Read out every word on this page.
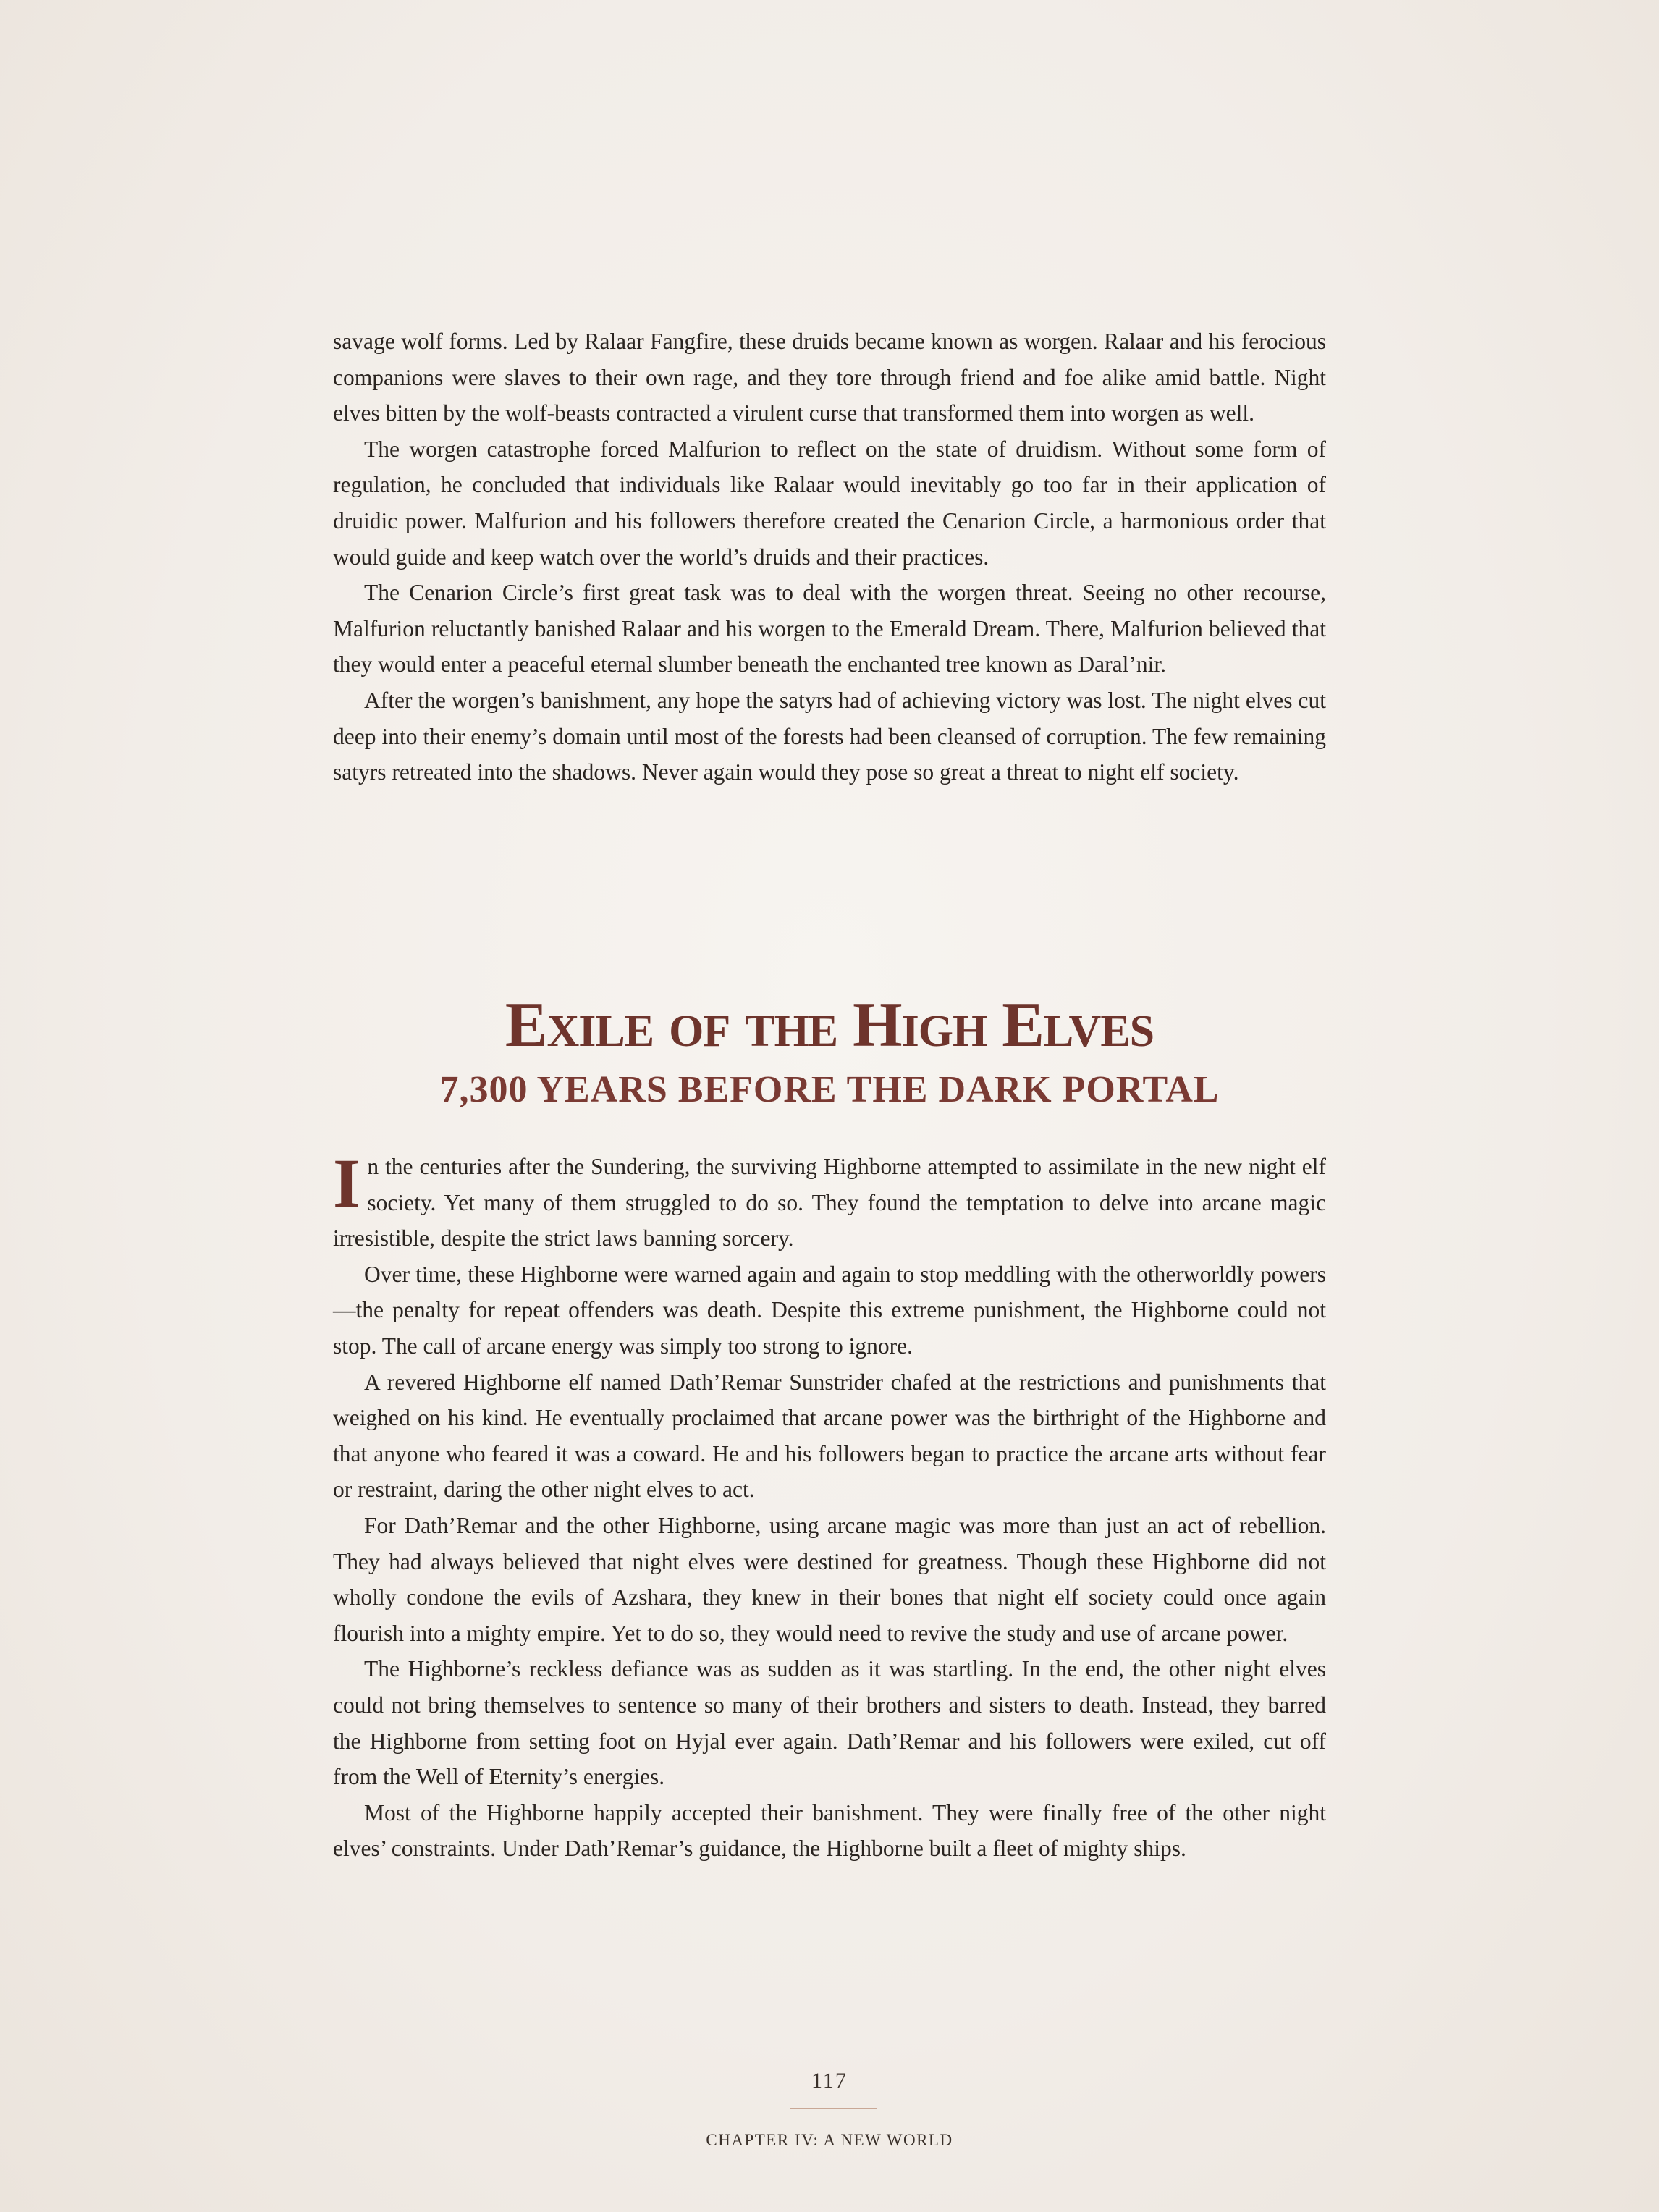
savage wolf forms. Led by Ralaar Fangfire, these druids became known as worgen. Ralaar and his ferocious companions were slaves to their own rage, and they tore through friend and foe alike amid battle. Night elves bitten by the wolf-beasts contracted a virulent curse that transformed them into worgen as well.

The worgen catastrophe forced Malfurion to reflect on the state of druidism. Without some form of regulation, he concluded that individuals like Ralaar would inevitably go too far in their application of druidic power. Malfurion and his followers therefore created the Cenarion Circle, a harmonious order that would guide and keep watch over the world’s druids and their practices.

The Cenarion Circle’s first great task was to deal with the worgen threat. Seeing no other recourse, Malfurion reluctantly banished Ralaar and his worgen to the Emerald Dream. There, Malfurion believed that they would enter a peaceful eternal slumber beneath the enchanted tree known as Daral’nir.

After the worgen’s banishment, any hope the satyrs had of achieving victory was lost. The night elves cut deep into their enemy’s domain until most of the forests had been cleansed of corruption. The few remaining satyrs retreated into the shadows. Never again would they pose so great a threat to night elf society.

Exile of the High Elves
7,300 YEARS BEFORE THE DARK PORTAL

In the centuries after the Sundering, the surviving Highborne attempted to assimilate in the new night elf society. Yet many of them struggled to do so. They found the temptation to delve into arcane magic irresistible, despite the strict laws banning sorcery.

Over time, these Highborne were warned again and again to stop meddling with the otherworldly powers—the penalty for repeat offenders was death. Despite this extreme punishment, the Highborne could not stop. The call of arcane energy was simply too strong to ignore.

A revered Highborne elf named Dath’Remar Sunstrider chafed at the restrictions and punishments that weighed on his kind. He eventually proclaimed that arcane power was the birthright of the Highborne and that anyone who feared it was a coward. He and his followers began to practice the arcane arts without fear or restraint, daring the other night elves to act.

For Dath’Remar and the other Highborne, using arcane magic was more than just an act of rebellion. They had always believed that night elves were destined for greatness. Though these Highborne did not wholly condone the evils of Azshara, they knew in their bones that night elf society could once again flourish into a mighty empire. Yet to do so, they would need to revive the study and use of arcane power.

The Highborne’s reckless defiance was as sudden as it was startling. In the end, the other night elves could not bring themselves to sentence so many of their brothers and sisters to death. Instead, they barred the Highborne from setting foot on Hyjal ever again. Dath’Remar and his followers were exiled, cut off from the Well of Eternity’s energies.

Most of the Highborne happily accepted their banishment. They were finally free of the other night elves’ constraints. Under Dath’Remar’s guidance, the Highborne built a fleet of mighty ships.

117
CHAPTER IV: A NEW WORLD
